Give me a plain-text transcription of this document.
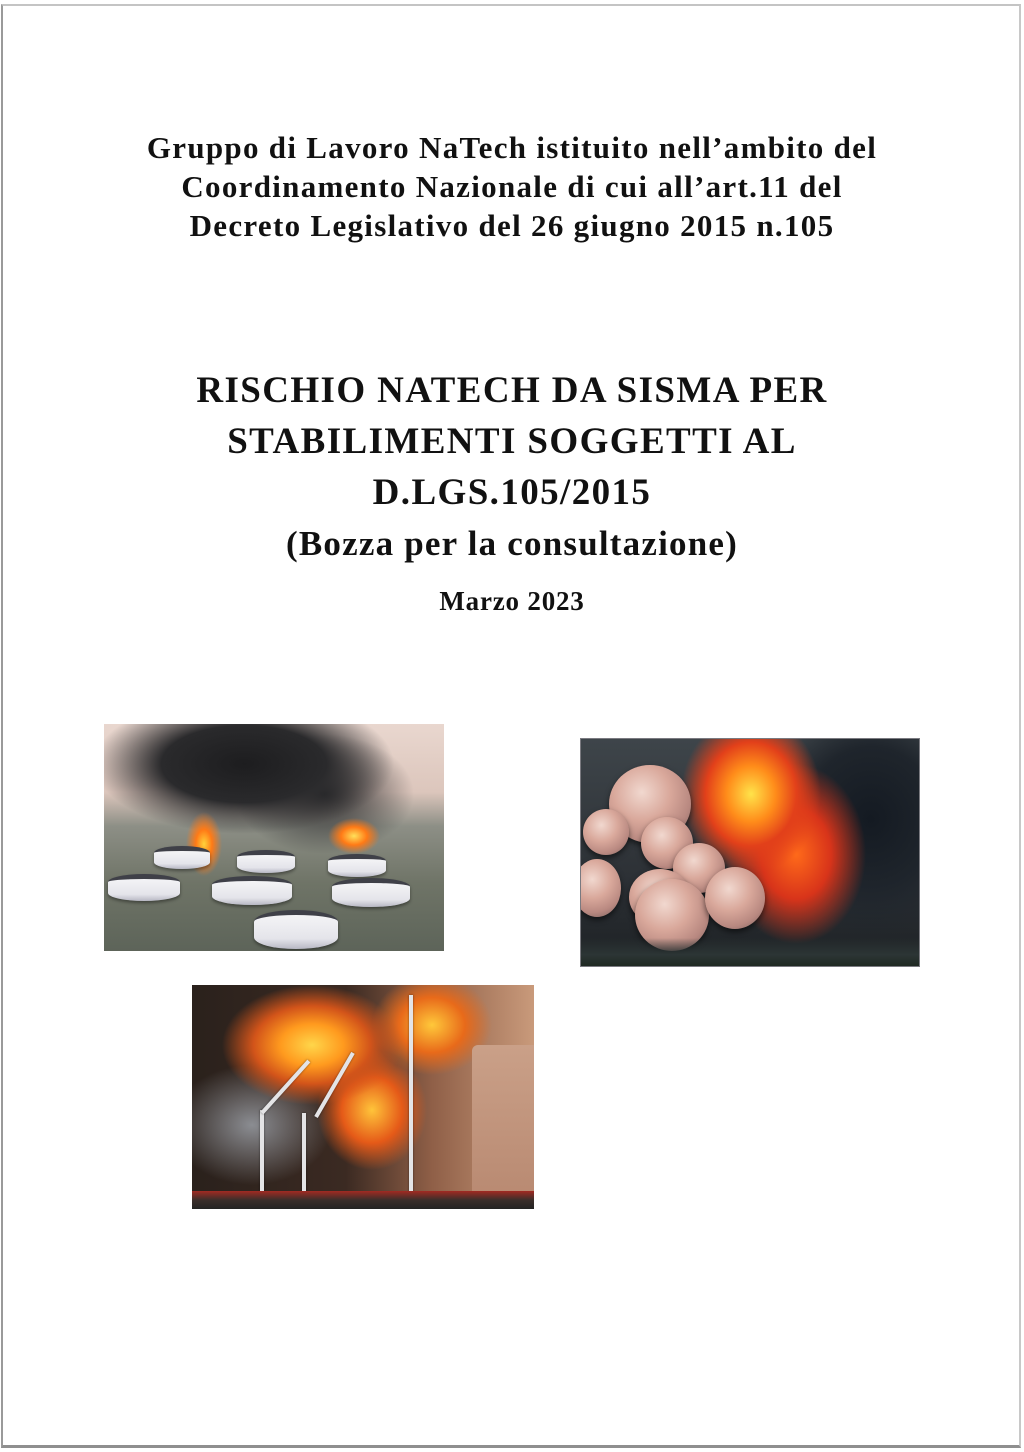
Gruppo di Lavoro NaTech istituito nell’ambito del
Coordinamento Nazionale di cui all’art.11 del
Decreto Legislativo del 26 giugno 2015 n.105
RISCHIO NATECH DA SISMA PER
STABILIMENTI SOGGETTI AL
D.LGS.105/2015
(Bozza per la consultazione)
Marzo 2023
